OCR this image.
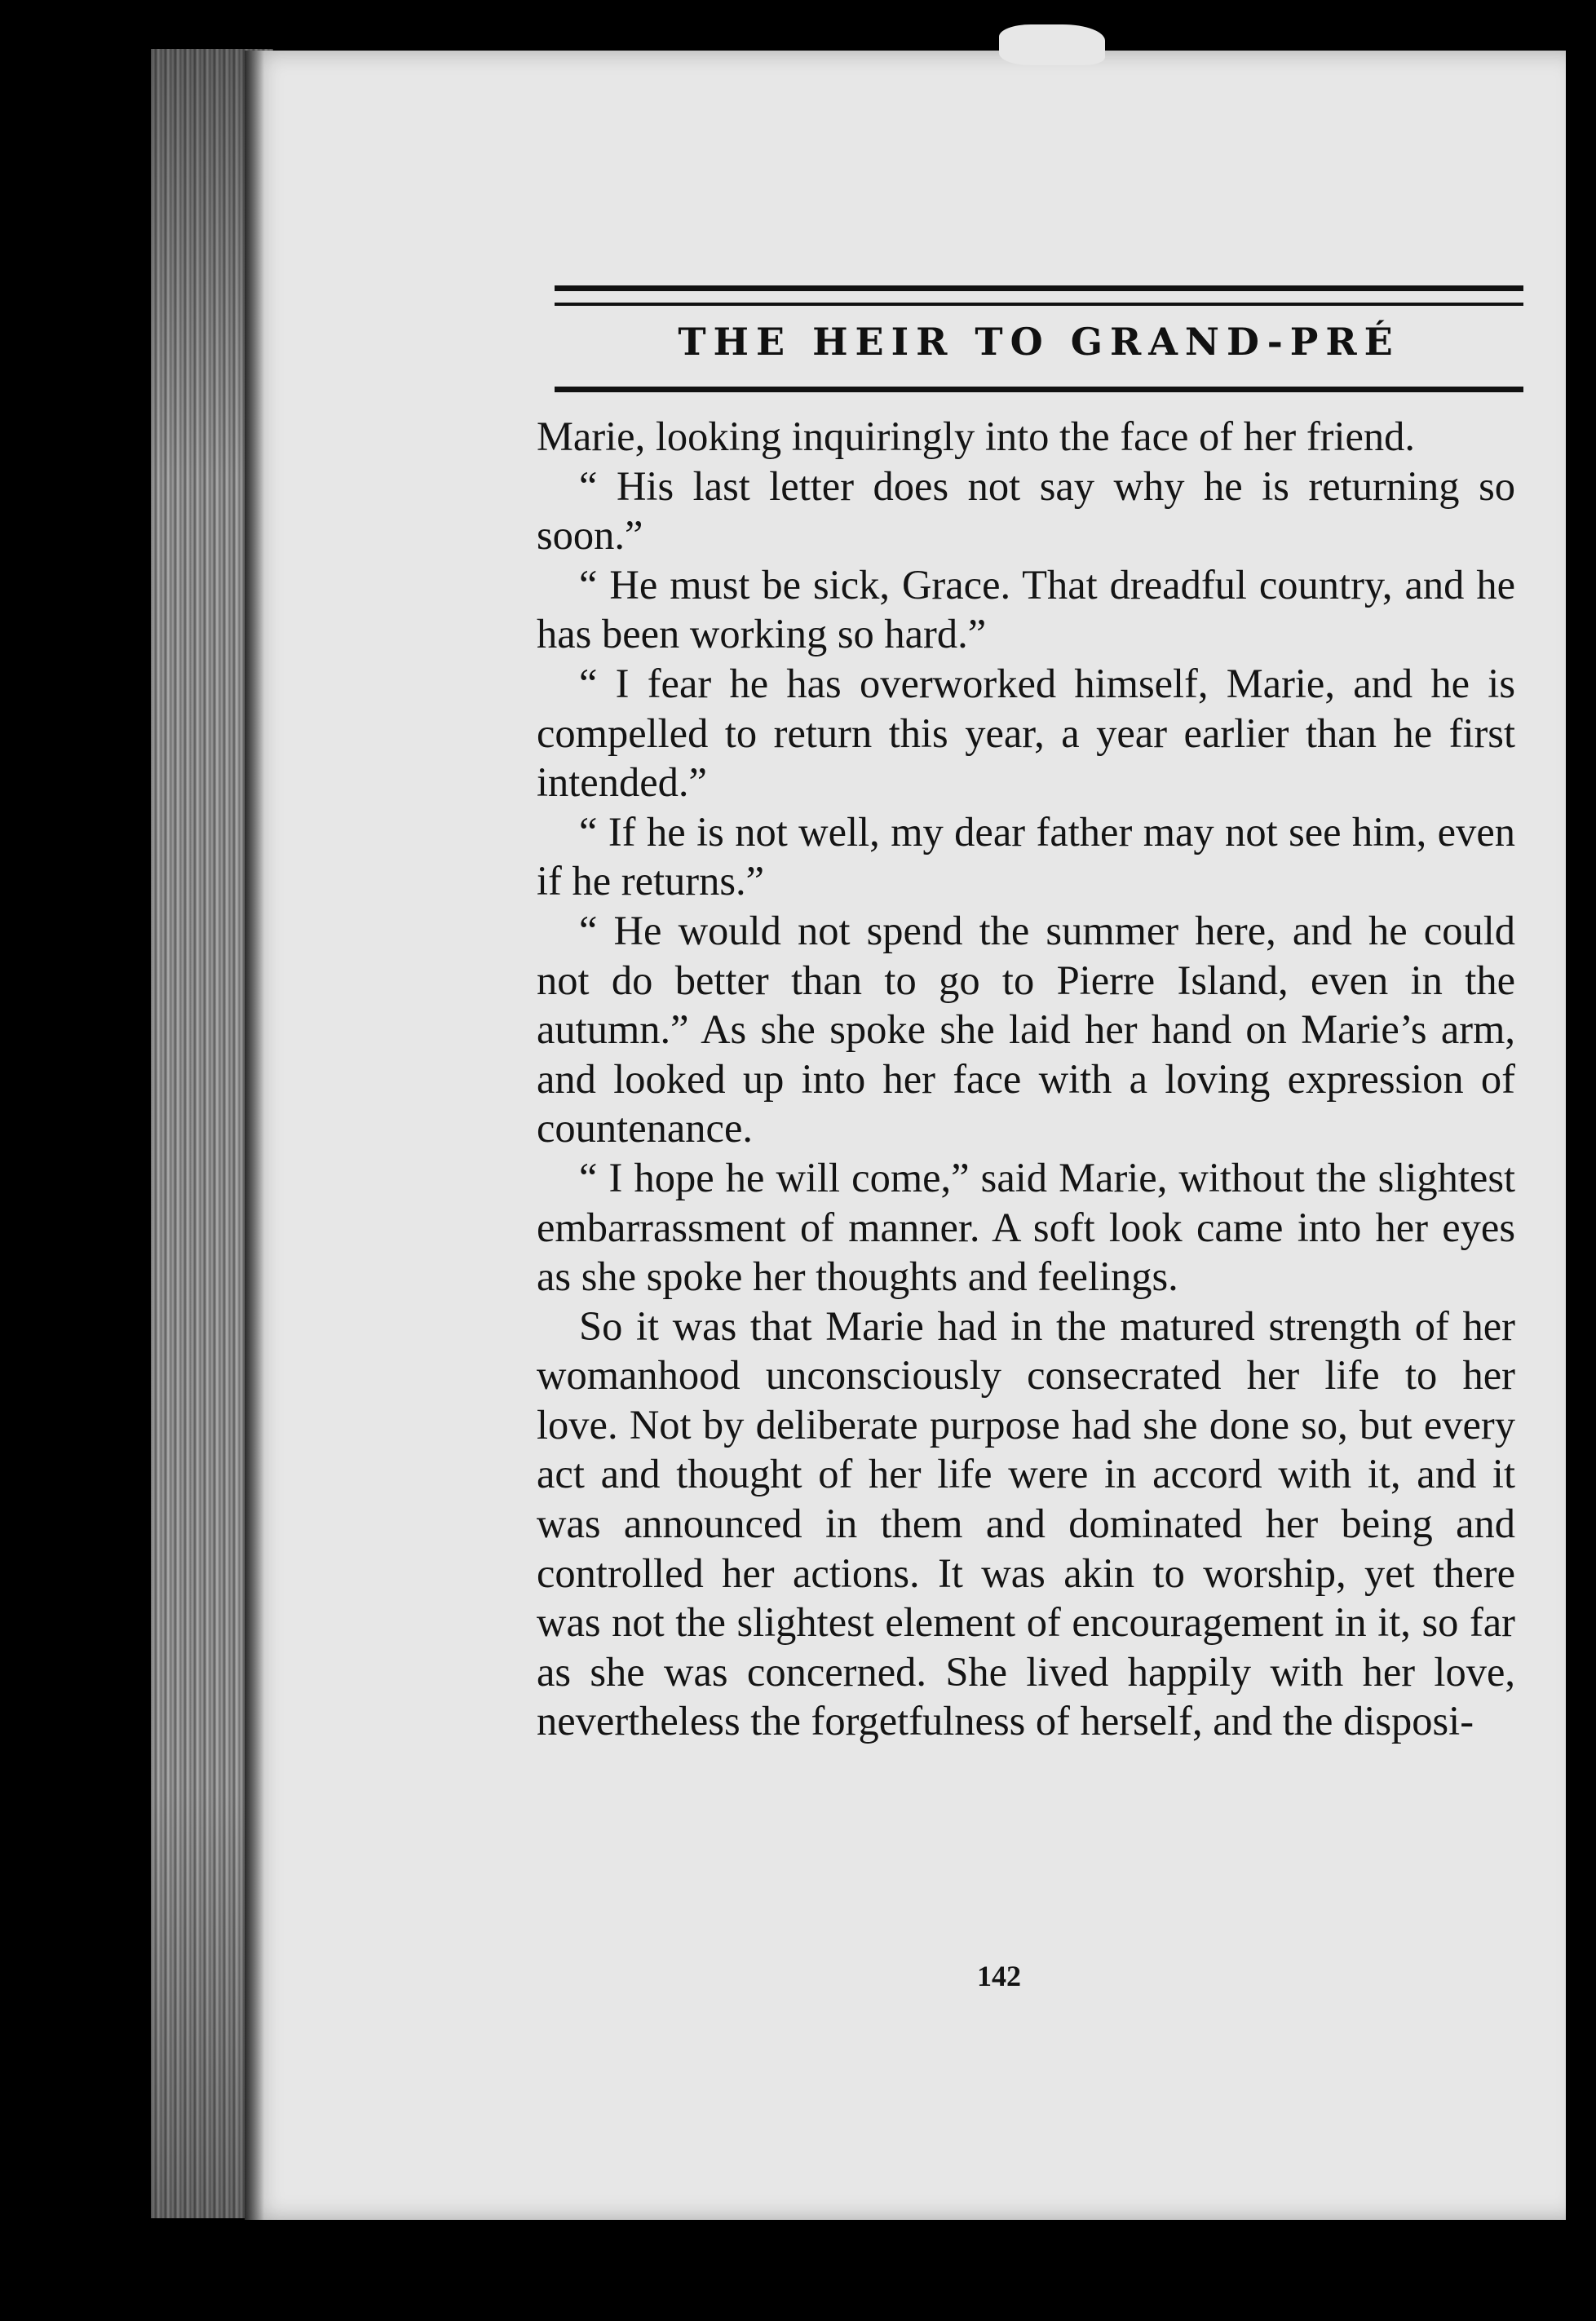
THE HEIR TO GRAND-PRÉ

Marie, looking inquiringly into the face of her friend.

“ His last letter does not say why he is returning so soon.”

“ He must be sick, Grace. That dreadful country, and he has been working so hard.”

“ I fear he has overworked himself, Marie, and he is compelled to return this year, a year earlier than he first intended.”

“ If he is not well, my dear father may not see him, even if he returns.”

“ He would not spend the summer here, and he could not do better than to go to Pierre Island, even in the autumn.” As she spoke she laid her hand on Marie’s arm, and looked up into her face with a loving expression of countenance.

“ I hope he will come,” said Marie, without the slightest embarrassment of manner. A soft look came into her eyes as she spoke her thoughts and feelings.

So it was that Marie had in the matured strength of her womanhood unconsciously consecrated her life to her love. Not by deliberate purpose had she done so, but every act and thought of her life were in accord with it, and it was announced in them and dominated her being and controlled her actions. It was akin to worship, yet there was not the slightest element of encouragement in it, so far as she was concerned. She lived happily with her love, nevertheless the forgetfulness of herself, and the disposi-

142
